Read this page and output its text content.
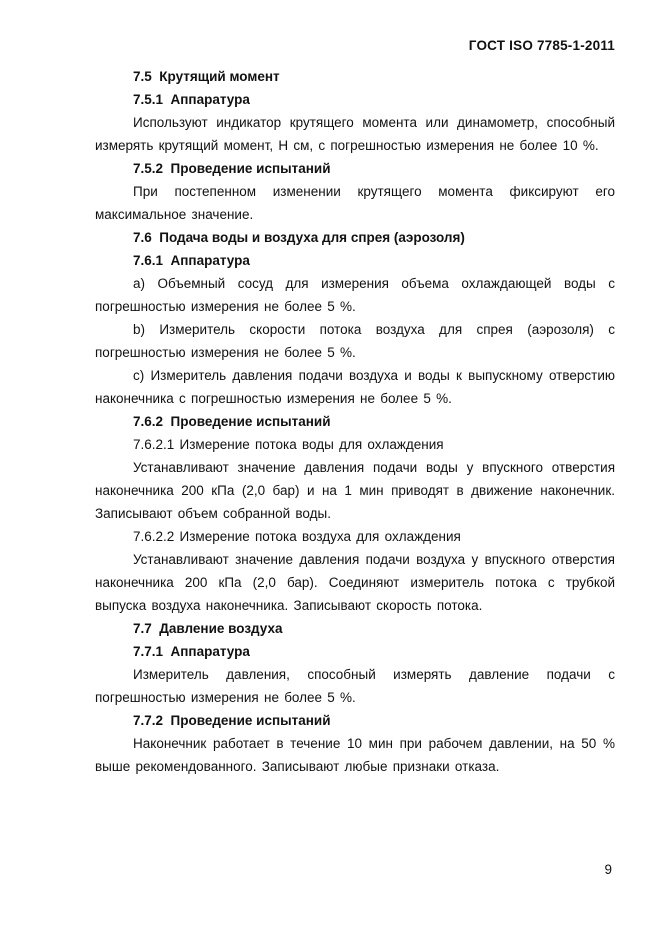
ГОСТ ISO 7785-1-2011

7.5  Крутящий момент

7.5.1  Аппаратура

Используют индикатор крутящего момента или динамометр, способный измерять крутящий момент, Н см, с погрешностью измерения не более 10 %.

7.5.2  Проведение испытаний

При постепенном изменении крутящего момента фиксируют его максимальное значение.

7.6  Подача воды и воздуха для спрея (аэрозоля)

7.6.1  Аппаратура

a) Объемный сосуд для измерения объема охлаждающей воды с погрешностью измерения не более 5 %.

b) Измеритель скорости потока воздуха для спрея (аэрозоля) с погрешностью измерения не более 5 %.

c) Измеритель давления подачи воздуха и воды к выпускному отверстию наконечника с погрешностью измерения не более 5 %.

7.6.2  Проведение испытаний

7.6.2.1 Измерение потока воды для охлаждения

Устанавливают значение давления подачи воды у впускного отверстия наконечника 200 кПа (2,0 бар) и на 1 мин приводят в движение наконечник. Записывают объем собранной воды.

7.6.2.2 Измерение потока воздуха для охлаждения

Устанавливают значение давления подачи воздуха у впускного отверстия наконечника 200 кПа (2,0 бар). Соединяют измеритель потока с трубкой выпуска воздуха наконечника. Записывают скорость потока.

7.7  Давление воздуха

7.7.1  Аппаратура

Измеритель давления, способный измерять давление подачи с погрешностью измерения не более 5 %.

7.7.2  Проведение испытаний

Наконечник работает в течение 10 мин при рабочем давлении, на 50 % выше рекомендованного. Записывают любые признаки отказа.

9
